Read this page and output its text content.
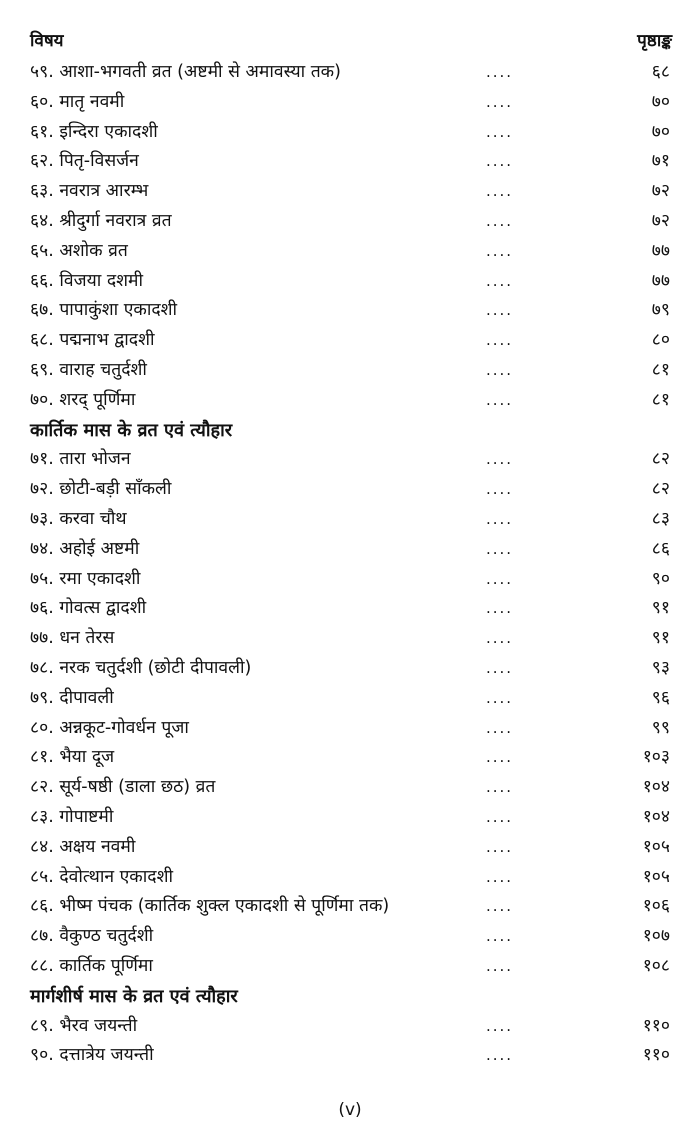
विषय	पृष्ठाङ्क
५९. आशा-भगवती व्रत (अष्टमी से अमावस्या तक)	....	६८
६०. मातृ नवमी	....	७०
६१. इन्दिरा एकादशी	....	७०
६२. पितृ-विसर्जन	....	७१
६३. नवरात्र आरम्भ	....	७२
६४. श्रीदुर्गा नवरात्र व्रत	....	७२
६५. अशोक व्रत	....	७७
६६. विजया दशमी	....	७७
६७. पापाकुंशा एकादशी	....	७९
६८. पद्मनाभ द्वादशी	....	८०
६९. वाराह चतुर्दशी	....	८१
७०. शरद् पूर्णिमा	....	८१
कार्तिक मास के व्रत एवं त्यौहार
७१. तारा भोजन	....	८२
७२. छोटी-बड़ी साँकली	....	८२
७३. करवा चौथ	....	८३
७४. अहोई अष्टमी	....	८६
७५. रमा एकादशी	....	९०
७६. गोवत्स द्वादशी	....	९१
७७. धन तेरस	....	९१
७८. नरक चतुर्दशी (छोटी दीपावली)	....	९३
७९. दीपावली	....	९६
८०. अन्नकूट-गोवर्धन पूजा	....	९९
८१. भैया दूज	....	१०३
८२. सूर्य-षष्ठी (डाला छठ) व्रत	....	१०४
८३. गोपाष्टमी	....	१०४
८४. अक्षय नवमी	....	१०५
८५. देवोत्थान एकादशी	....	१०५
८६. भीष्म पंचक (कार्तिक शुक्ल एकादशी से पूर्णिमा तक)	....	१०६
८७. वैकुण्ठ चतुर्दशी	....	१०७
८८. कार्तिक पूर्णिमा	....	१०८
मार्गशीर्ष मास के व्रत एवं त्यौहार
८९. भैरव जयन्ती	....	११०
९०. दत्तात्रेय जयन्ती	....	११०
(v)
